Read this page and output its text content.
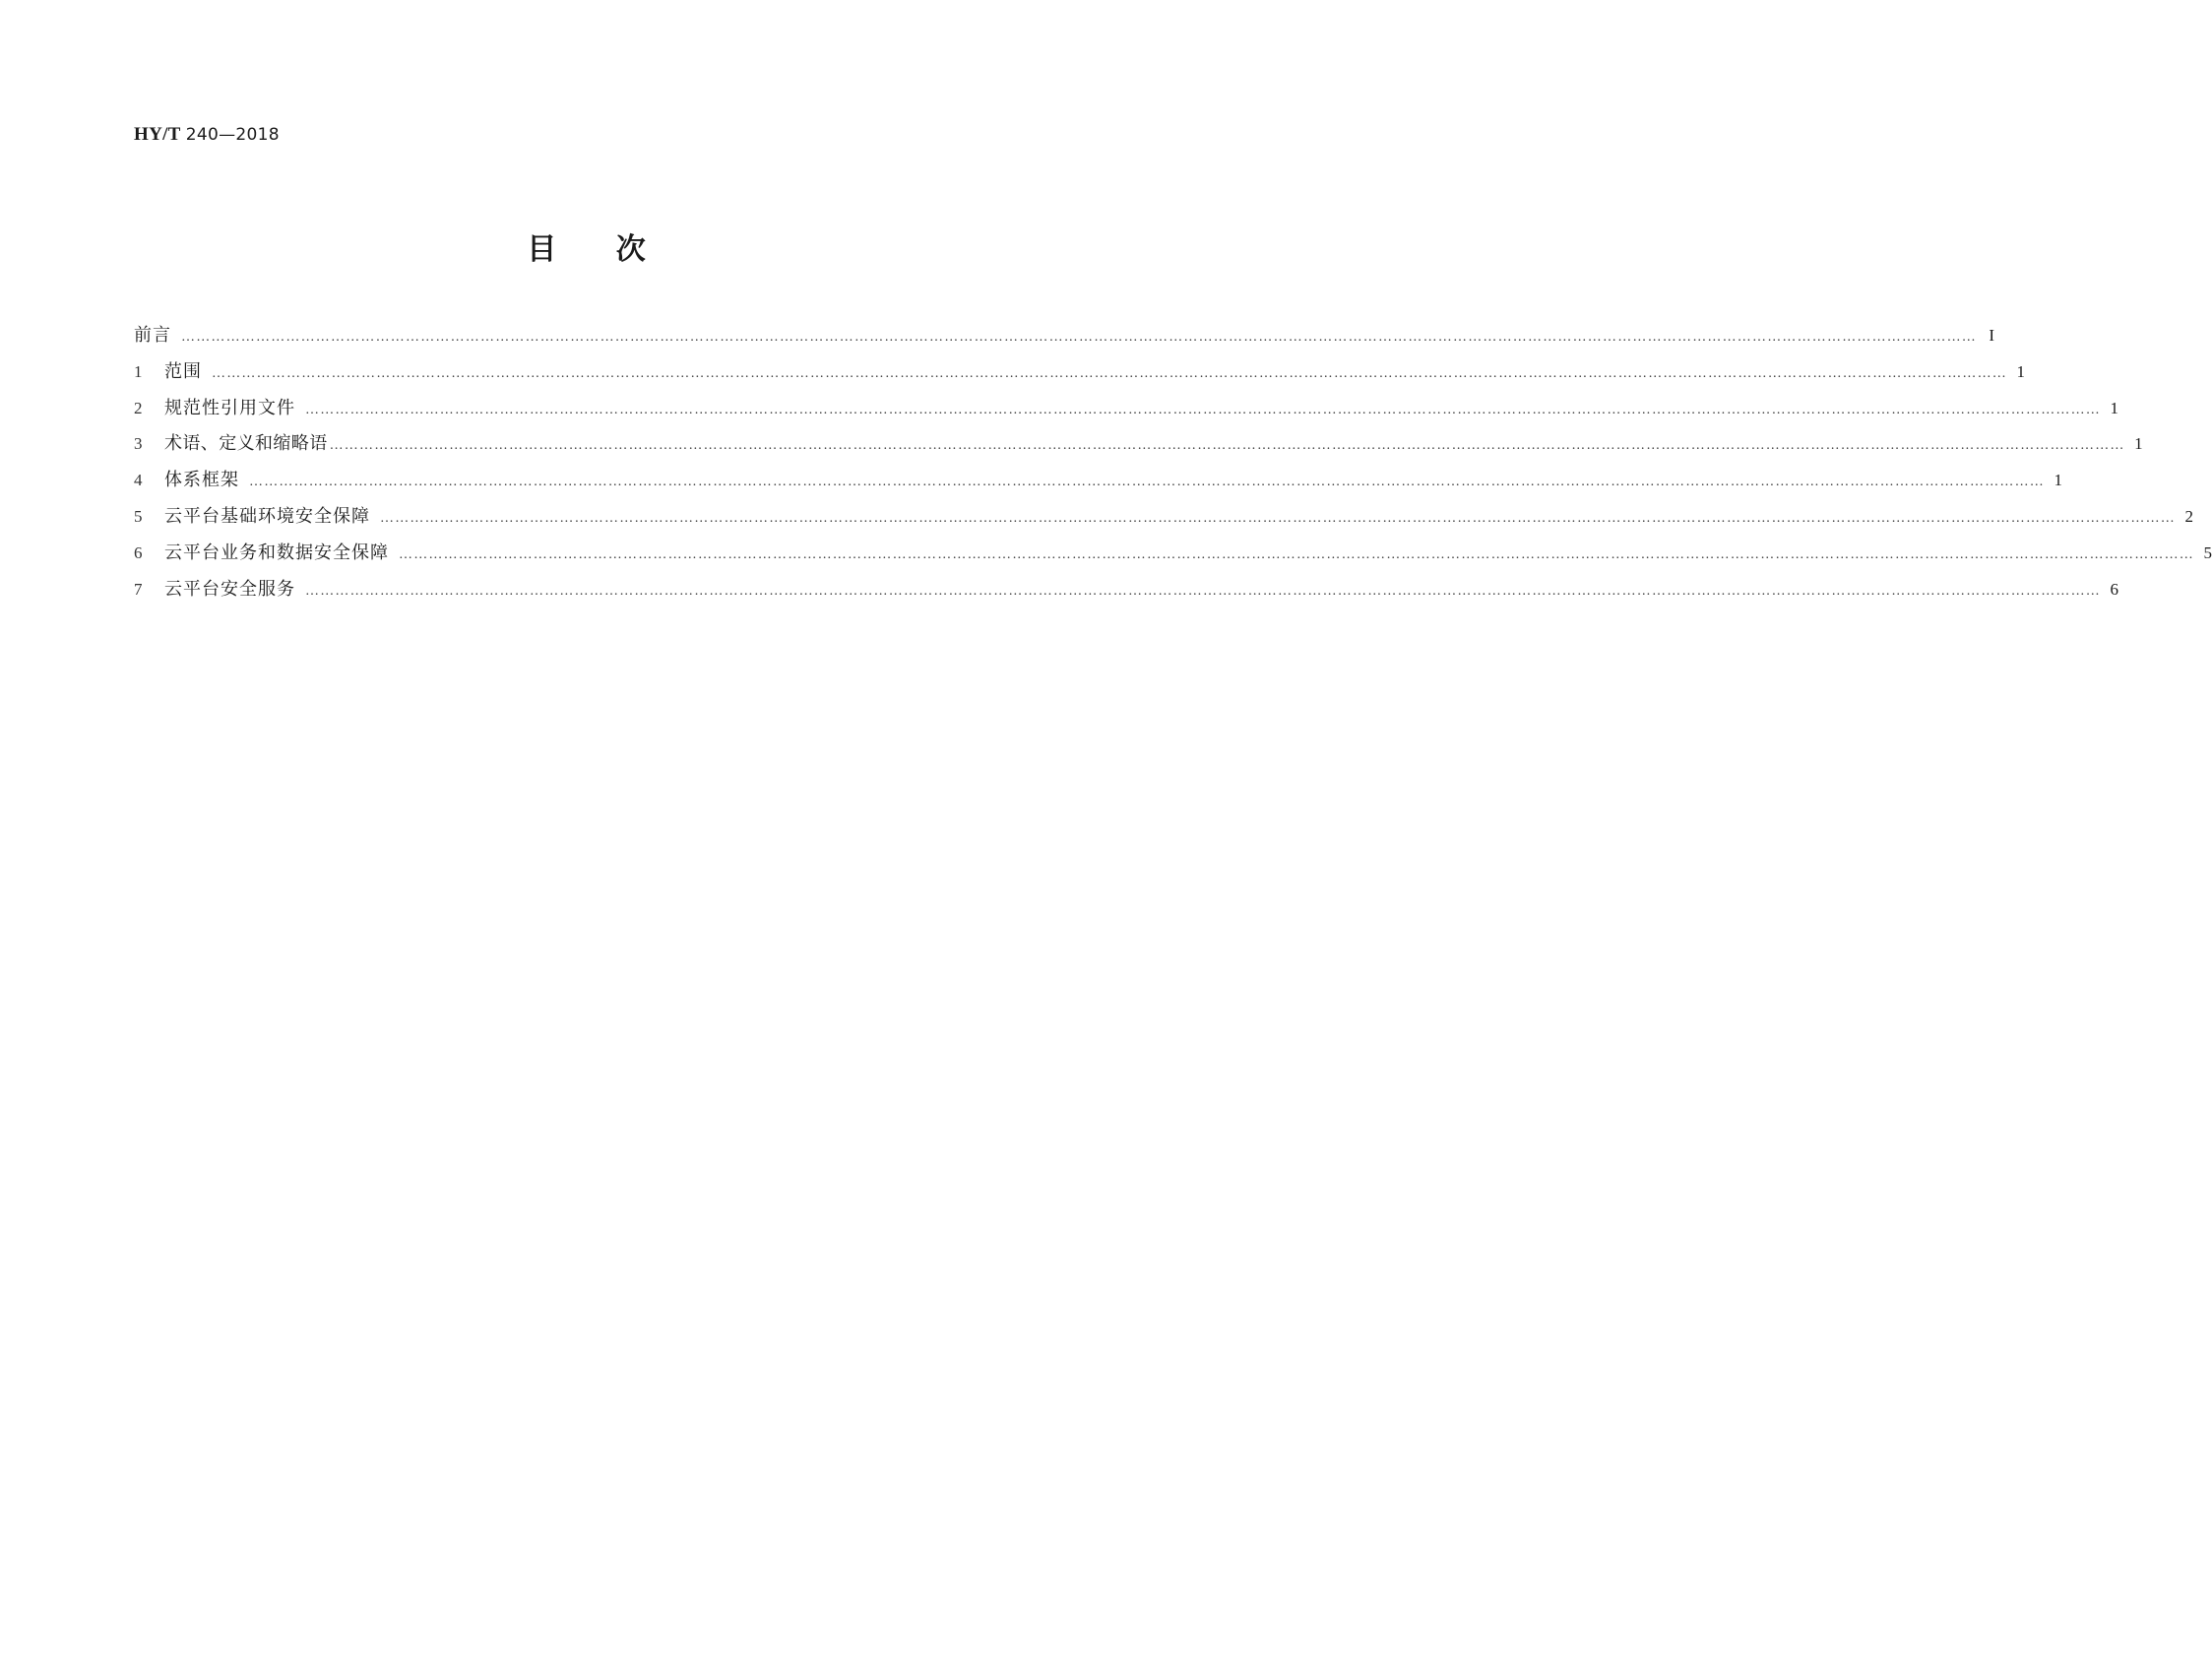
HY/T 240—2018
目 次
前言 ……………………………………………………………………………………………………………………………………………………………………………………………………………………………………………………………………………………………………………………………… I
1	范围 ……………………………………………………………………………………………………………………………………………………………………………………………………………………………………………………………………………………………………………………………… 1
2	规范性引用文件 ……………………………………………………………………………………………………………………………………………………………………………………………………………………………………………………………………………………………………………………………… 1
3	术语、定义和缩略语 ……………………………………………………………………………………………………………………………………………………………………………………………………………………………………………………………………………………………………………………………… 1
4	体系框架 ……………………………………………………………………………………………………………………………………………………………………………………………………………………………………………………………………………………………………………………………… 1
5	云平台基础环境安全保障 ……………………………………………………………………………………………………………………………………………………………………………………………………………………………………………………………………………………………………………………………… 2
6	云平台业务和数据安全保障 ……………………………………………………………………………………………………………………………………………………………………………………………………………………………………………………………………………………………………………………………… 5
7	云平台安全服务 ……………………………………………………………………………………………………………………………………………………………………………………………………………………………………………………………………………………………………………………………… 6
